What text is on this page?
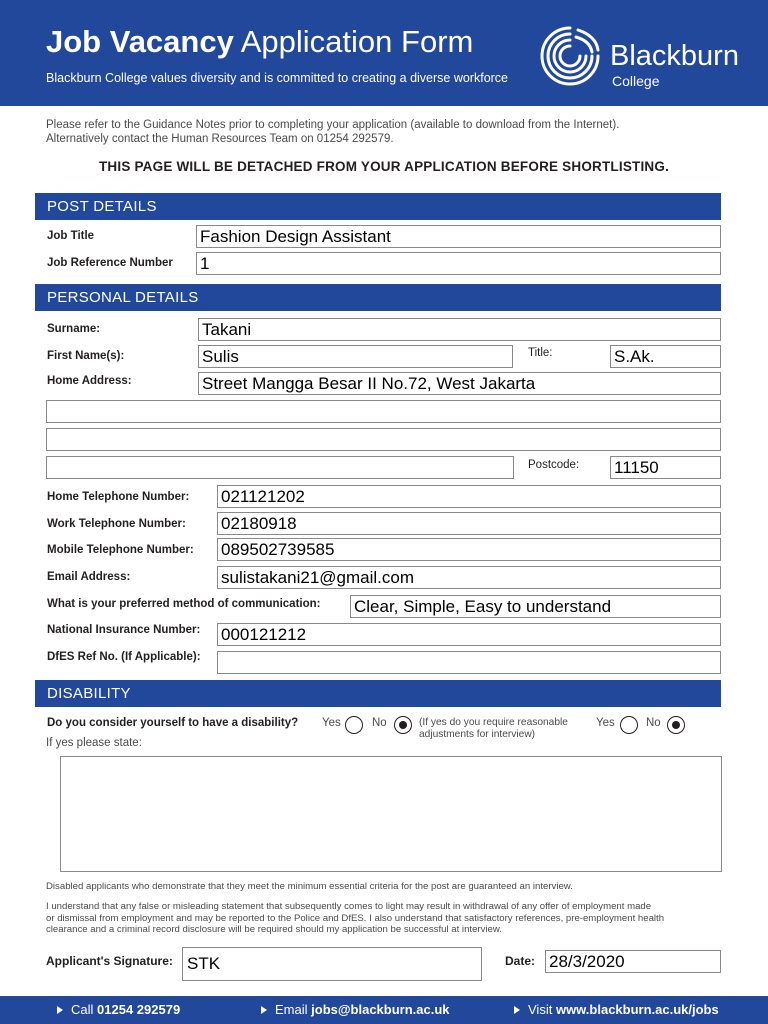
Job Vacancy Application Form
Blackburn College values diversity and is committed to creating a diverse workforce
Blackburn
College
Please refer to the Guidance Notes prior to completing your application (available to download from the Internet).
Alternatively contact the Human Resources Team on 01254 292579.
THIS PAGE WILL BE DETACHED FROM YOUR APPLICATION BEFORE SHORTLISTING.
POST DETAILS
Job Title	Fashion Design Assistant
Job Reference Number 1
PERSONAL DETAILS
Surname:	Takani
First Name(s):	Sulis	Title:	S.Ak.
Home Address:	Street Mangga Besar II No.72, West Jakarta
Postcode: 11150
Home Telephone Number: 021121202
Work Telephone Number: 02180918
Mobile Telephone Number: 089502739585
Email Address:	sulistakani21@gmail.com
What is your preferred method of communication: Clear, Simple, Easy to understand
National Insurance Number: 000121212
DfES Ref No. (If Applicable):
DISABILITY
Do you consider yourself to have a disability? Yes	No	(If yes do you require reasonable
adjustments for interview)
Yes	No
If yes please state:
Disabled applicants who demonstrate that they meet the minimum essential criteria for the post are guaranteed an interview.
I understand that any false or misleading statement that subsequently comes to light may result in withdrawal of any offer of employment made
or dismissal from employment and may be reported to the Police and DfES. I also understand that satisfactory references, pre-employment health
clearance and a criminal record disclosure will be required should my application be successful at interview.
Applicant's Signature: STK	Date: 28/3/2020
Call 01254 292579	Email jobs@blackburn.ac.uk	Visit www.blackburn.ac.uk/jobs
